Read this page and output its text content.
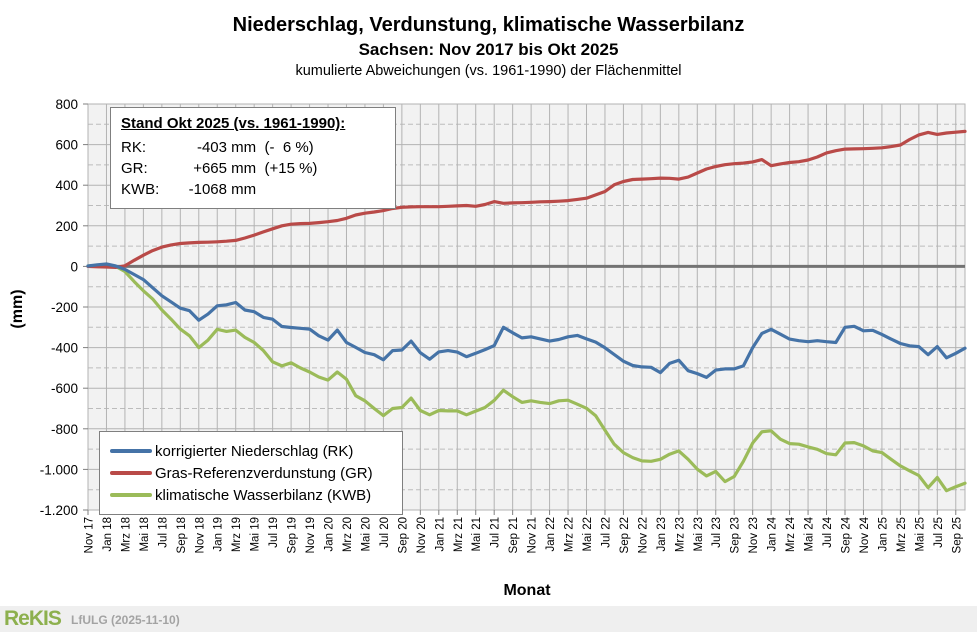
800
600
400
200
0
-200
-400
-600
-800
-1.000
-1.200
Nov 17 Jan 18 Mrz 18 Mai 18 Jul 18 Sep 18 Nov 18 Jan 19 Mrz 19 Mai 19 Jul 19 Sep 19 Nov 19 Jan 20 Mrz 20 Mai 20 Jul 20 Sep 20 Nov 20 Jan 21 Mrz 21 Mai 21 Jul 21 Sep 21 Nov 21 Jan 22 Mrz 22 Mai 22 Jul 22 Sep 22 Nov 22 Jan 23 Mrz 23 Mai 23 Jul 23 Sep 23 Nov 23 Jan 24 Mrz 24 Mai 24 Jul 24 Sep 24 Nov 24 Jan 25 Mrz 25 Mai 25 Jul 25 Sep 25
Niederschlag, Verdunstung, klimatische Wasserbilanz
Sachsen: Nov 2017 bis Okt 2025
kumulierte Abweichungen (vs. 1961-1990) der Flächenmittel
(mm)
Monat
Stand Okt 2025 (vs. 1961-1990):
RK:	-403 mm  (-  6 %)
GR:	+665 mm  (+15 %)
KWB:	-1068 mm
korrigierter Niederschlag (RK)
Gras-Referenzverdunstung (GR)
klimatische Wasserbilanz (KWB)
ReKIS LfULG (2025-11-10)
